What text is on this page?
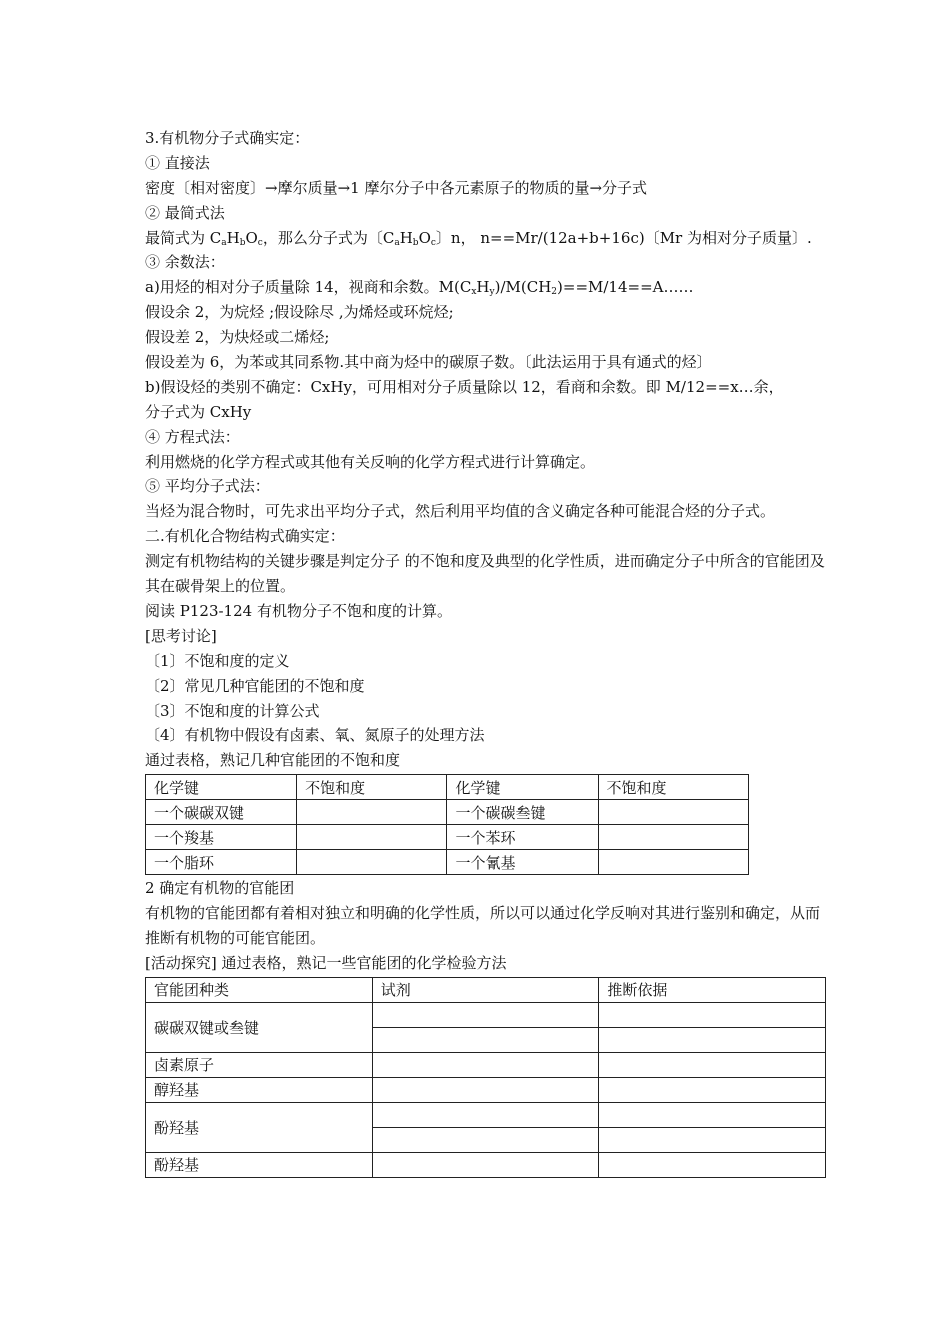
3.有机物分子式确实定：
① 直接法
密度〔相对密度〕→摩尔质量→1 摩尔分子中各元素原子的物质的量→分子式
② 最简式法
最简式为 $C_aH_bO_c$，那么分子式为〔$C_aH_bO_c$〕n， n==Mr/(12a+b+16c)〔Mr 为相对分子质量〕.
③ 余数法：
a)用烃的相对分子质量除 14，视商和余数。$M(C_xH_y)/M(CH_2)==M/14==A\dots\dots$
假设余 2，为烷烃 ;假设除尽 ,为烯烃或环烷烃;
假设差 2，为炔烃或二烯烃;
假设差为 6，为苯或其同系物.其中商为烃中的碳原子数。〔此法运用于具有通式的烃〕
b)假设烃的类别不确定：CxHy，可用相对分子质量除以 12，看商和余数。即 M/12==x…余，
分子式为 CxHy
④ 方程式法：
利用燃烧的化学方程式或其他有关反响的化学方程式进行计算确定。
⑤ 平均分子式法：
当烃为混合物时，可先求出平均分子式，然后利用平均值的含义确定各种可能混合烃的分子式。
二.有机化合物结构式确实定：
测定有机物结构的关键步骤是判定分子 的不饱和度及典型的化学性质，进而确定分子中所含的官能团及其在碳骨架上的位置。
阅读 P123-124 有机物分子不饱和度的计算。
[思考讨论]
〔1〕不饱和度的定义
〔2〕常见几种官能团的不饱和度
〔3〕不饱和度的计算公式
〔4〕有机物中假设有卤素、氧、氮原子的处理方法
通过表格，熟记几种官能团的不饱和度
化学键	不饱和度	化学键	不饱和度
一个碳碳双键		一个碳碳叁键	
一个羧基		一个苯环	
一个脂环		一个氰基	
2 确定有机物的官能团
有机物的官能团都有着相对独立和明确的化学性质，所以可以通过化学反响对其进行鉴别和确定，从而推断有机物的可能官能团。
[活动探究] 通过表格，熟记一些官能团的化学检验方法
官能团种类	试剂	推断依据
碳碳双键或叁键		

卤素原子		
醇羟基		
酚羟基		

酚羟基		
